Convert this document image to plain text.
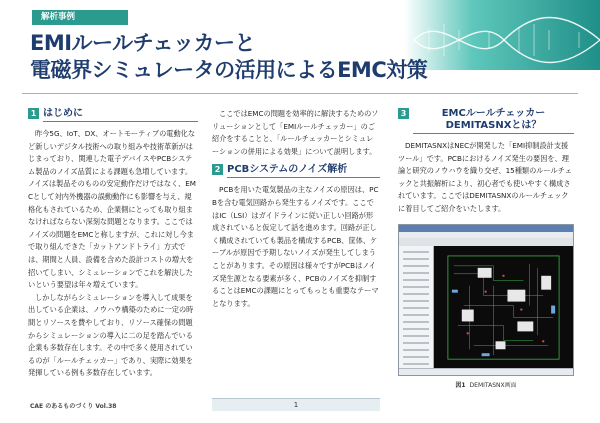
解析事例
EMIルールチェッカーと
電磁界シミュレータの活用によるEMC対策
1 はじめに

昨今5G、IoT、DX、オートモーティブの電動化など新しいデジタル技術への取り組みや技術革新がはじまっており、関連した電子デバイスやPCBシステム製品のノイズ品質による課題も急増しています。ノイズは製品そのものの安定動作だけではなく、EMCとして対内外機器の誤動動作にも影響を与え、規格化もされているため、企業側にとっても取り組まなければならない深刻な問題となります。ここではノイズの問題をEMCと称しますが、これに対し今まで取り組んできた「カットアンドトライ」方式では、期間と人員、設備を含めた設計コストの増大を招いてしまい、シミュレーションでこれを解決したいという要望は年々増えています。

しかしながらシミュレーションを導入して成果を出している企業は、ノウハウ構築のために一定の時間とリソースを費やしており、リソース確保の問題からシミュレーションの導入に二の足を踏んでいる企業も多数存在します。その中で多く使用されているのが「ルールチェッカー」であり、実際に効果を発揮している例も多数存在しています。

ここではEMCの問題を効率的に解決するためのソリューションとして「EMIルールチェッカー」のご紹介をすることと、「ルールチェッカーとシミュレーションの併用による効果」について説明します。

2 PCBシステムのノイズ解析

PCBを用いた電気製品の主なノイズの原因は、PCBを含む電気回路から発生するノイズです。ここではIC（LSI）はガイドラインに従い正しい回路が形成されていると仮定して話を進めます。回路が正しく構成されていても製品を構成するPCB、筐体、ケーブルが原因で予期しないノイズが発生してしまうことがあります。その原因は様々ですがPCBはノイズ発生源となる要素が多く、PCBのノイズを抑制することはEMCの課題にとってもっとも重要なテーマとなります。

3	EMCルールチェッカー
DEMITASNXとは？

DEMITASNXはNECが開発した「EMI抑制設計支援ツール」です。PCBにおけるノイズ発生の要因を、理論と研究のノウハウを織り交ぜ、15種類のルールチェックと共振解析により、初心者でも使いやすく構成されています。ここではDEMITASNXのルールチェックに着目してご紹介をいたします。

図1 DEMITASNX画面
CAE のあるものづくり Vol.38	1
